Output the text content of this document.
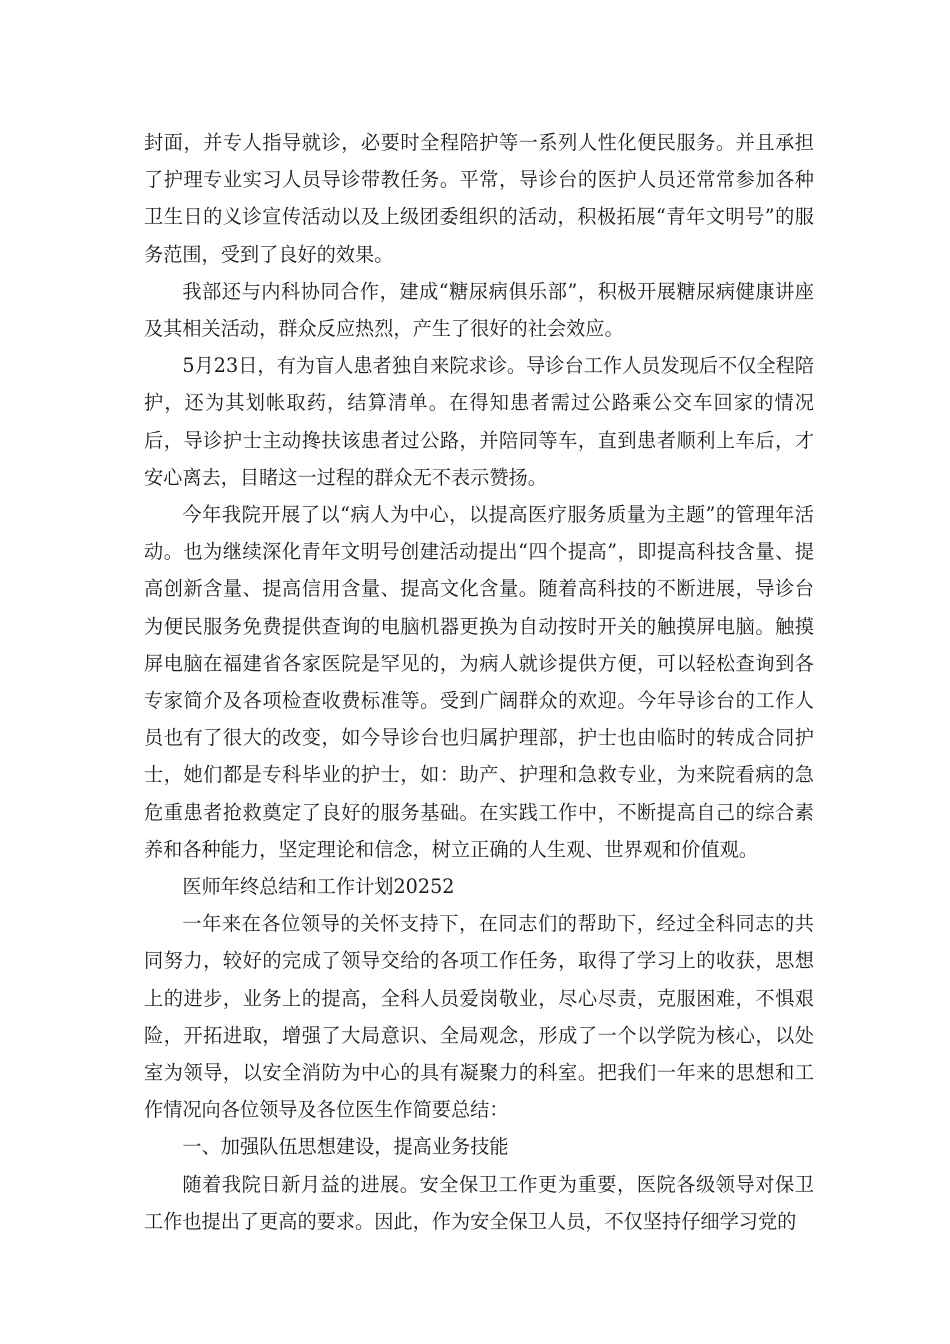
封面，并专人指导就诊，必要时全程陪护等一系列人性化便民服务。并且承担了护理专业实习人员导诊带教任务。平常，导诊台的医护人员还常常参加各种卫生日的义诊宣传活动以及上级团委组织的活动，积极拓展“青年文明号”的服务范围，受到了良好的效果。

我部还与内科协同合作，建成“糖尿病俱乐部”，积极开展糖尿病健康讲座及其相关活动，群众反应热烈，产生了很好的社会效应。

5月23日，有为盲人患者独自来院求诊。导诊台工作人员发现后不仅全程陪护，还为其划帐取药，结算清单。在得知患者需过公路乘公交车回家的情况后，导诊护士主动搀扶该患者过公路，并陪同等车，直到患者顺利上车后，才安心离去，目睹这一过程的群众无不表示赞扬。

今年我院开展了以“病人为中心，以提高医疗服务质量为主题”的管理年活动。也为继续深化青年文明号创建活动提出“四个提高”，即提高科技含量、提高创新含量、提高信用含量、提高文化含量。随着高科技的不断进展，导诊台为便民服务免费提供查询的电脑机器更换为自动按时开关的触摸屏电脑。触摸屏电脑在福建省各家医院是罕见的，为病人就诊提供方便，可以轻松查询到各专家简介及各项检查收费标准等。受到广阔群众的欢迎。今年导诊台的工作人员也有了很大的改变，如今导诊台也归属护理部，护士也由临时的转成合同护士，她们都是专科毕业的护士，如：助产、护理和急救专业，为来院看病的急危重患者抢救奠定了良好的服务基础。在实践工作中，不断提高自己的综合素养和各种能力，坚定理论和信念，树立正确的人生观、世界观和价值观。

医师年终总结和工作计划20252

一年来在各位领导的关怀支持下，在同志们的帮助下，经过全科同志的共同努力，较好的完成了领导交给的各项工作任务，取得了学习上的收获，思想上的进步，业务上的提高，全科人员爱岗敬业，尽心尽责，克服困难，不惧艰险，开拓进取，增强了大局意识、全局观念，形成了一个以学院为核心，以处室为领导，以安全消防为中心的具有凝聚力的科室。把我们一年来的思想和工作情况向各位领导及各位医生作简要总结：

一、加强队伍思想建设，提高业务技能

随着我院日新月益的进展。安全保卫工作更为重要，医院各级领导对保卫工作也提出了更高的要求。因此，作为安全保卫人员，不仅坚持仔细学习党的
